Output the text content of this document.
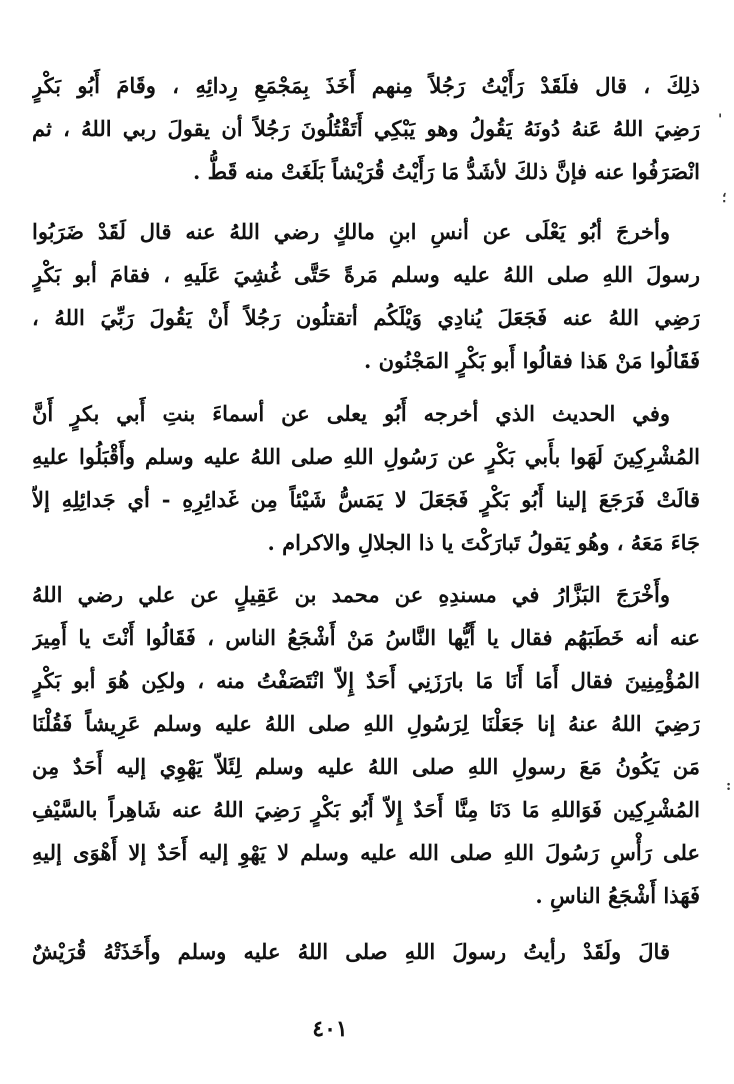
ذلِكَ ، قال فلَقَدْ رَأَيْتُ رَجُلاً مِنهم أَخَذَ بِمَجْمَعِ رِدائِهِ ، وقَامَ أَبُو بَكْرٍ
رَضِيَ اللهُ عَنهُ دُونَهُ يَقُولُ وهو يَبْكِي أَتَقْتُلُونَ رَجُلاً أن يقولَ ربي اللهُ ، ثم
انْصَرَفُوا عنه فإنَّ ذلكَ لأشَدُّ مَا رَأَيْتُ قُرَيْشاً بَلَغَتْ منه قَطُّ .
وأخرجَ أبُو يَعْلَى عن أنسِ ابنِ مالكٍ رضي اللهُ عنه قال لَقَدْ ضَرَبُوا
رسولَ اللهِ صلى اللهُ عليه وسلم مَرةً حَتَّى غُشِيَ عَلَيهِ ، فقامَ أبو بَكْرٍ
رَضِي اللهُ عنه فَجَعَلَ يُنادِي وَيْلَكُم أتقتلُون رَجُلاً أَنْ يَقُولَ رَبِّيَ اللهُ ،
فَقَالُوا مَنْ هَذا فقالُوا أَبو بَكْرٍ المَجْنُون .
وفي الحديث الذي أخرجه أَبُو يعلى عن أسماءَ بنتِ أَبي بكرٍ أَنَّ
المُشْرِكِينَ لَهَوا بأَبي بَكْرٍ عن رَسُولِ اللهِ صلى اللهُ عليه وسلم وأَقْبَلُوا عليهِ
قالَتْ فَرَجَعَ إلينا أَبُو بَكْرٍ فَجَعَلَ لا يَمَسُّ شَيْئاً مِن غَدائِرِهِ - أي جَدائِلِهِ إلاّ
جَاءَ مَعَهُ ، وهُو يَقولُ تَبارَكْتَ يا ذا الجلالِ والاكرام .
وأَخْرَجَ البَزَّارُ في مسندِهِ عن محمد بن عَقِيلٍ عن علي رضي اللهُ
عنه أنه خَطَبَهُم فقال يا أَيُّها النَّاسُ مَنْ أَشْجَعُ الناس ، فَقَالُوا أَنْتَ يا أَمِيرَ
المُؤْمِنِينَ فقال أَمَا أَنَا مَا بارَزَنِي أَحَدٌ إِلاّ انْتَصَفْتُ منه ، ولكِن هُوَ أبو بَكْرٍ
رَضِيَ اللهُ عنهُ إنا جَعَلْنَا لِرَسُولِ اللهِ صلى اللهُ عليه وسلم عَرِيشاً فَقُلْنَا
مَن يَكُونُ مَعَ رسولِ اللهِ صلى اللهُ عليه وسلم لِئَلاّ يَهْوِي إليه أَحَدٌ مِن
المُشْرِكِين فَوَاللهِ مَا دَنَا مِنَّا أَحَدٌ إِلاّ أَبُو بَكْرٍ رَضِيَ اللهُ عنه شَاهِراً بالسَّيْفِ
على رَأْسِ رَسُولَ اللهِ صلى الله عليه وسلم لا يَهْوِ إليه أَحَدٌ إلا أَهْوَى إليهِ
فَهَذا أَشْجَعُ الناسِ .
قالَ ولَقَدْ رأيتُ رسولَ اللهِ صلى اللهُ عليه وسلم وأَخَذَتْهُ قُرَيْشٌ
٤٠١
'
؛
:
